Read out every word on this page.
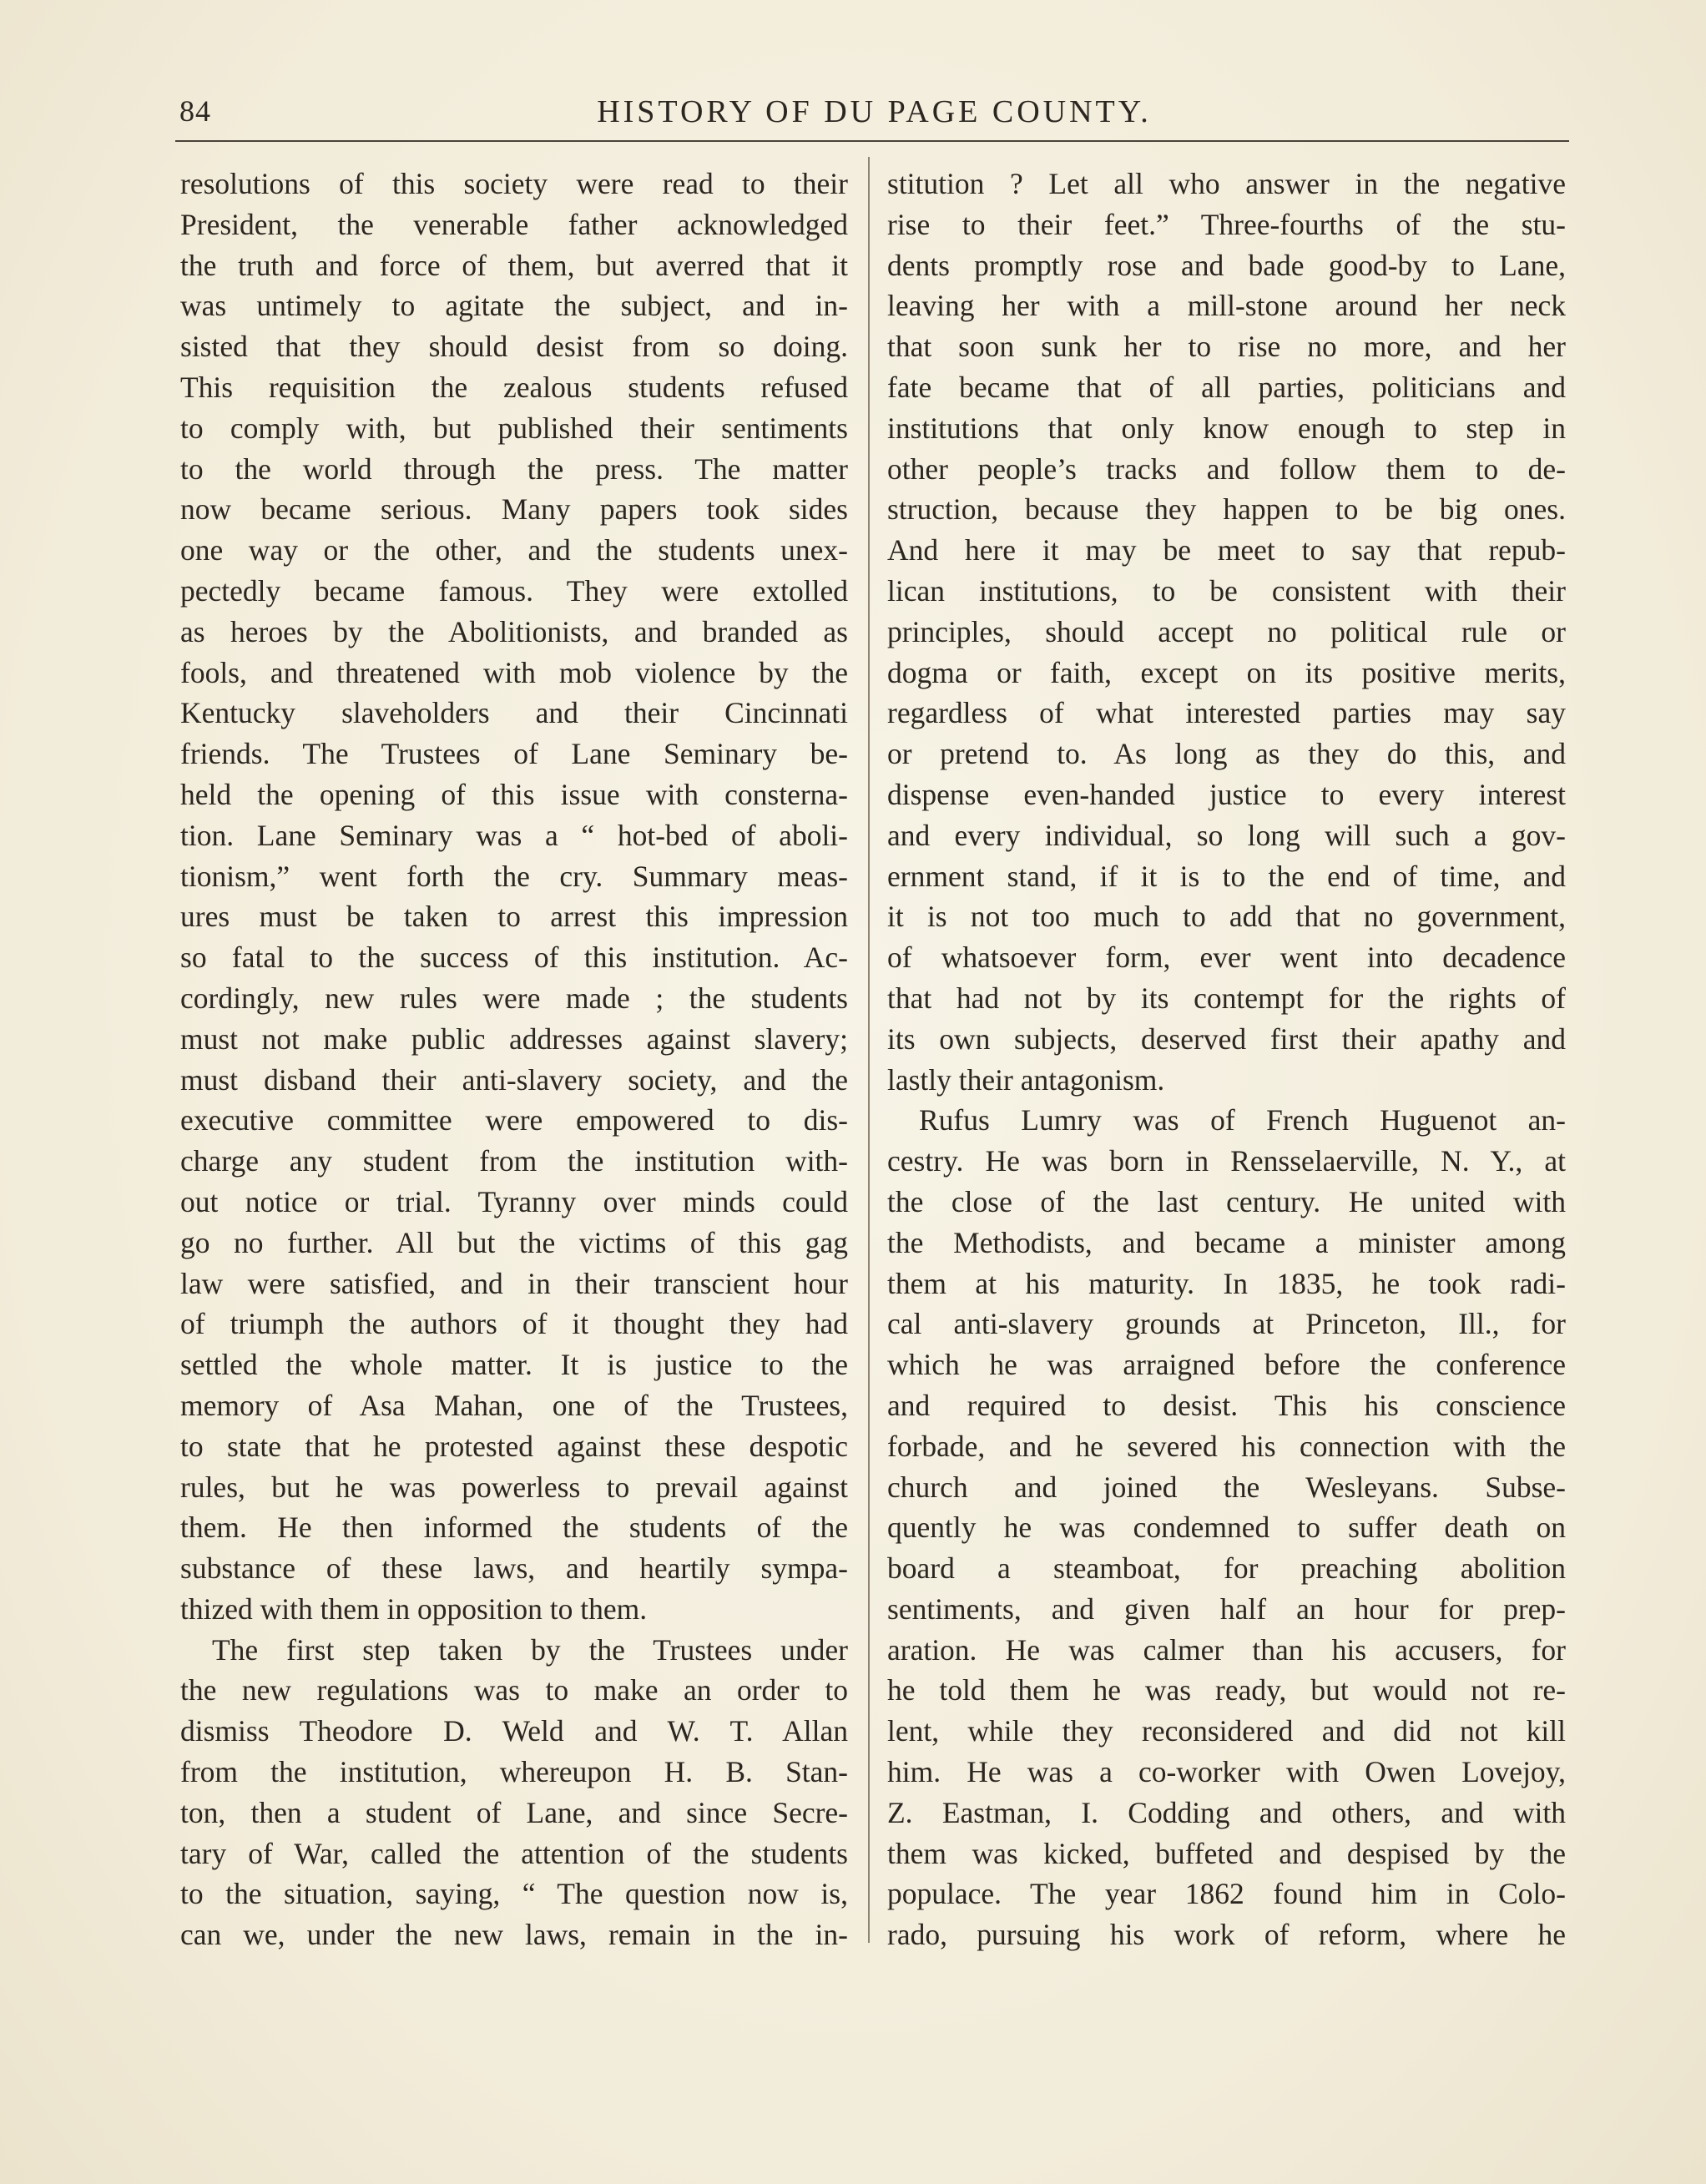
84	HISTORY OF DU PAGE COUNTY.
resolutions of this society were read to their
President, the venerable father acknowledged
the truth and force of them, but averred that it
was untimely to agitate the subject, and in-
sisted that they should desist from so doing.
This requisition the zealous students refused
to comply with, but published their sentiments
to the world through the press. The matter
now became serious. Many papers took sides
one way or the other, and the students unex-
pectedly became famous. They were extolled
as heroes by the Abolitionists, and branded as
fools, and threatened with mob violence by the
Kentucky slaveholders and their Cincinnati
friends. The Trustees of Lane Seminary be-
held the opening of this issue with consterna-
tion. Lane Seminary was a “ hot-bed of aboli-
tionism,” went forth the cry. Summary meas-
ures must be taken to arrest this impression
so fatal to the success of this institution. Ac-
cordingly, new rules were made ; the students
must not make public addresses against slavery;
must disband their anti-slavery society, and the
executive committee were empowered to dis-
charge any student from the institution with-
out notice or trial. Tyranny over minds could
go no further. All but the victims of this gag
law were satisfied, and in their transcient hour
of triumph the authors of it thought they had
settled the whole matter. It is justice to the
memory of Asa Mahan, one of the Trustees,
to state that he protested against these despotic
rules, but he was powerless to prevail against
them. He then informed the students of the
substance of these laws, and heartily sympa-
thized with them in opposition to them.
The first step taken by the Trustees under
the new regulations was to make an order to
dismiss Theodore D. Weld and W. T. Allan
from the institution, whereupon H. B. Stan-
ton, then a student of Lane, and since Secre-
tary of War, called the attention of the students
to the situation, saying, “ The question now is,
can we, under the new laws, remain in the in-
stitution ? Let all who answer in the negative
rise to their feet.” Three-fourths of the stu-
dents promptly rose and bade good-by to Lane,
leaving her with a mill-stone around her neck
that soon sunk her to rise no more, and her
fate became that of all parties, politicians and
institutions that only know enough to step in
other people’s tracks and follow them to de-
struction, because they happen to be big ones.
And here it may be meet to say that repub-
lican institutions, to be consistent with their
principles, should accept no political rule or
dogma or faith, except on its positive merits,
regardless of what interested parties may say
or pretend to. As long as they do this, and
dispense even-handed justice to every interest
and every individual, so long will such a gov-
ernment stand, if it is to the end of time, and
it is not too much to add that no government,
of whatsoever form, ever went into decadence
that had not by its contempt for the rights of
its own subjects, deserved first their apathy and
lastly their antagonism.
Rufus Lumry was of French Huguenot an-
cestry. He was born in Rensselaerville, N. Y., at
the close of the last century. He united with
the Methodists, and became a minister among
them at his maturity. In 1835, he took radi-
cal anti-slavery grounds at Princeton, Ill., for
which he was arraigned before the conference
and required to desist. This his conscience
forbade, and he severed his connection with the
church and joined the Wesleyans. Subse-
quently he was condemned to suffer death on
board a steamboat, for preaching abolition
sentiments, and given half an hour for prep-
aration. He was calmer than his accusers, for
he told them he was ready, but would not re-
lent, while they reconsidered and did not kill
him. He was a co-worker with Owen Lovejoy,
Z. Eastman, I. Codding and others, and with
them was kicked, buffeted and despised by the
populace. The year 1862 found him in Colo-
rado, pursuing his work of reform, where he
